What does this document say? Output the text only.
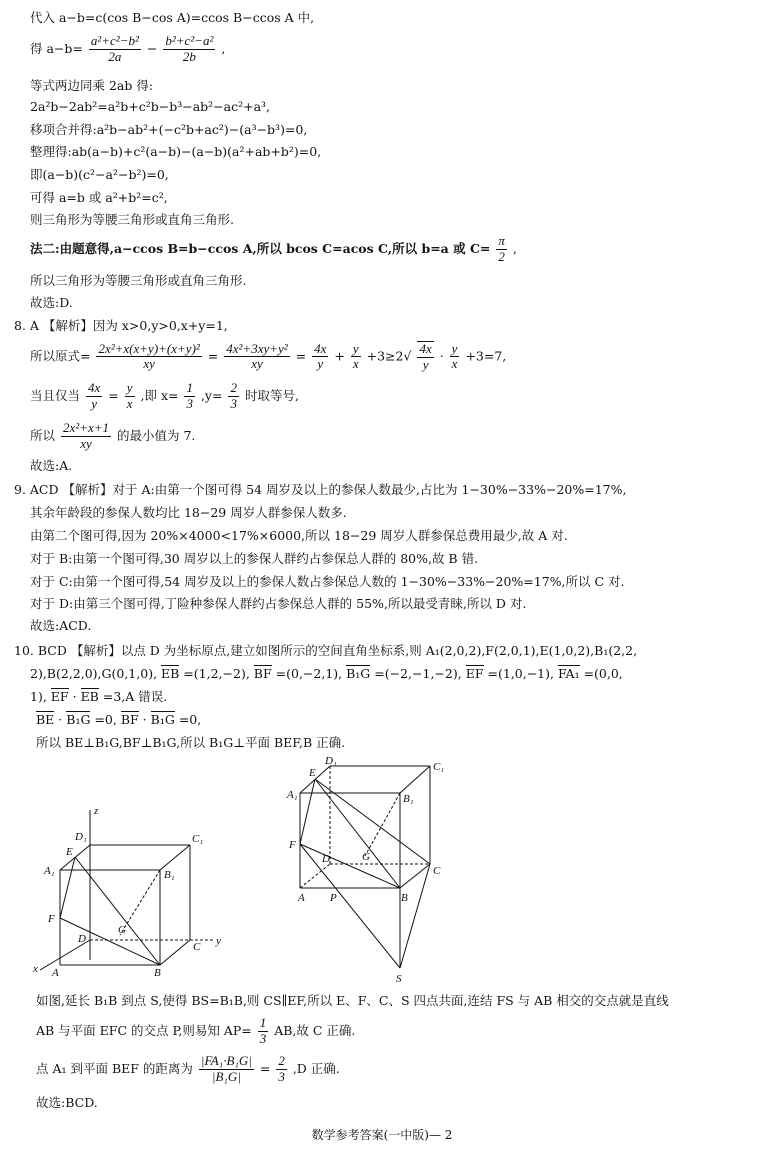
代入 a−b=c(cos B−cos A)=ccos B−ccos A 中,
得 $a-b= \frac{\text{a²+c²−b²}}{2a} - \frac{\text{b²+c²−a²}}{2b}$ ,
等式两边同乘 2ab 得:
2a²b−2ab²=a²b+c²b−b³−ab²−ac²+a³,
移项合并得:a²b−ab²+(−c²b+ac²)−(a³−b³)=0,
整理得:ab(a−b)+c²(a−b)−(a−b)(a²+ab+b²)=0,
即(a−b)(c²−a²−b²)=0,
可得 a=b 或 a²+b²=c²,
则三角形为等腰三角形或直角三角形.
法二:由题意得,a−ccos B=b−ccos A,所以 bcos C=acos C,所以 b=a 或 $C= \frac{\pi}{2}$ ,
所以三角形为等腰三角形或直角三角形.
故选:D.
8. A 【解析】因为 x>0,y>0,x+y=1,
所以原式= $\frac{\text{2x²+x(x+y)+(x+y)²}}{xy} = \frac{\text{4x²+3xy+y²}}{xy} = \frac{4x}{y} + \frac{y}{x} +3\ge 2√ \frac{4x}{y} \cdot \frac{y}{x} +3=7$,
当且仅当 $\frac{4x}{y} = \frac{y}{x}$ ,即 $x= \frac{1}{3} ,y= \frac{2}{3}$ 时取等号,
所以 $\frac{\text{2x²+x+1}}{xy}$ 的最小值为 7.
故选:A.
9. ACD 【解析】对于 A:由第一个图可得 54 周岁及以上的参保人数最少,占比为 1−30%−33%−20%=17%,
其余年龄段的参保人数均比 18−29 周岁人群参保人数多.
由第二个图可得,因为 20%×4000<17%×6000,所以 18−29 周岁人群参保总费用最少,故 A 对.
对于 B:由第一个图可得,30 周岁以上的参保人群约占参保总人群的 80%,故 B 错.
对于 C:由第一个图可得,54 周岁及以上的参保人数占参保总人数的 1−30%−33%−20%=17%,所以 C 对.
对于 D:由第三个图可得,丁险种参保人群约占参保总人群的 55%,所以最受青睐,所以 D 对.
故选:ACD.
10. BCD 【解析】以点 D 为坐标原点,建立如图所示的空间直角坐标系,则 A₁(2,0,2),F(2,0,1),E(1,0,2),B₁(2,2,
2),B(2,2,0),G(0,1,0), EB =(1,2,−2), BF =(0,−2,1), B₁G =(−2,−1,−2), EF =(1,0,−1), FA₁ =(0,0,
1), EF · EB =3,A 错误.
BE · B₁G =0, BF · B₁G =0,
所以 BE⊥B₁G,BF⊥B₁G,所以 B₁G⊥平面 BEF,B 正确.
z
A₁
D₁	C₁
B₁
E
F
D
G
C y
x A	B
D₁	C₁
E
A₁	B₁
F
D	G
C
A P	B
S
如图,延长 B₁B 到点 S,使得 BS=B₁B,则 CS∥EF,所以 E、F、C、S 四点共面,连结 FS 与 AB 相交的交点就是直线
AB 与平面 EFC 的交点 P,则易知 $AP= \frac{1}{3}$ AB,故 C 正确.
点 A₁ 到平面 BEF 的距离为 $\frac{\text{|FA₁·B₁G|}}{\text{|B₁G|}} = \frac{2}{3} ,D$ 正确.
故选:BCD.
数学参考答案(一中版)— 2
